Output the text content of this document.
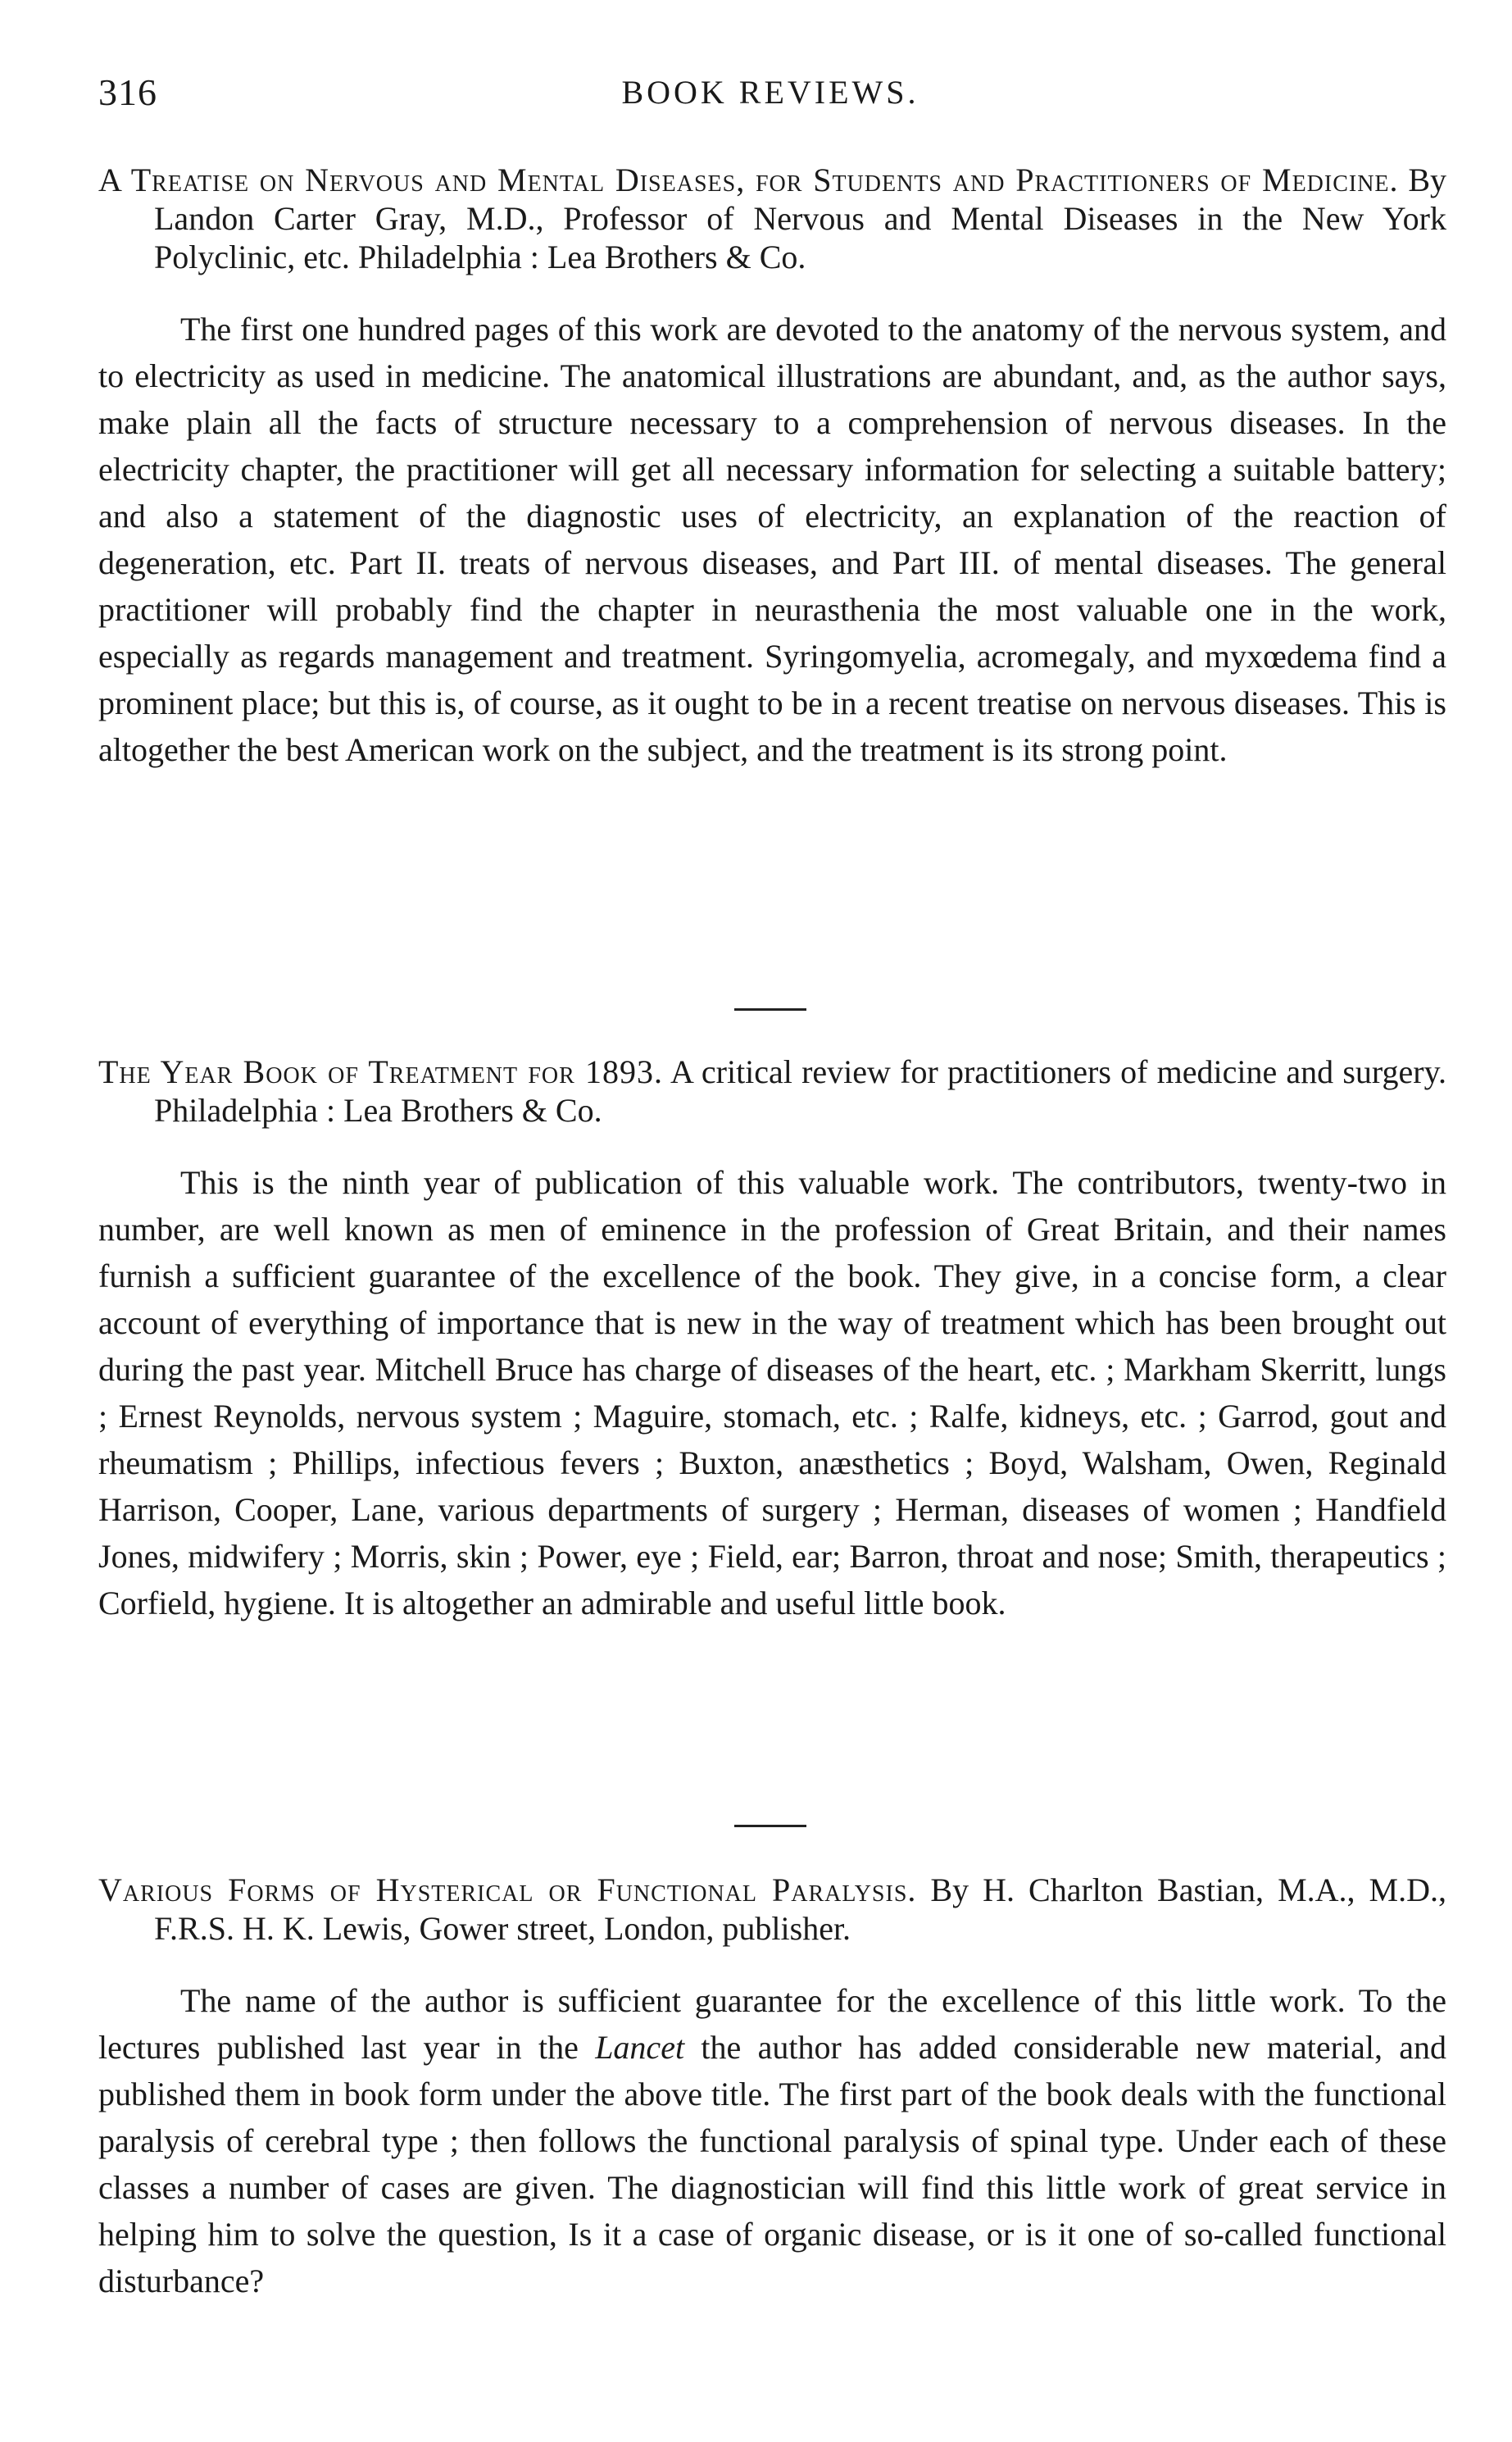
316	BOOK REVIEWS.

A Treatise on Nervous and Mental Diseases, for Students and Practitioners of Medicine. By Landon Carter Gray, M.D., Professor of Nervous and Mental Diseases in the New York Polyclinic, etc. Philadelphia : Lea Brothers & Co.

The first one hundred pages of this work are devoted to the anatomy of the nervous system, and to electricity as used in medicine. The anatomical illustrations are abundant, and, as the author says, make plain all the facts of structure necessary to a comprehension of nervous diseases. In the electricity chapter, the practitioner will get all necessary information for selecting a suitable battery; and also a statement of the diagnostic uses of electricity, an explanation of the reaction of degeneration, etc. Part II. treats of nervous diseases, and Part III. of mental diseases. The general practitioner will probably find the chapter in neurasthenia the most valuable one in the work, especially as regards management and treatment. Syringomyelia, acromegaly, and myxœdema find a prominent place; but this is, of course, as it ought to be in a recent treatise on nervous diseases. This is altogether the best American work on the subject, and the treatment is its strong point.

The Year Book of Treatment for 1893. A critical review for practitioners of medicine and surgery. Philadelphia : Lea Brothers & Co.

This is the ninth year of publication of this valuable work. The contributors, twenty-two in number, are well known as men of eminence in the profession of Great Britain, and their names furnish a sufficient guarantee of the excellence of the book. They give, in a concise form, a clear account of everything of importance that is new in the way of treatment which has been brought out during the past year. Mitchell Bruce has charge of diseases of the heart, etc. ; Markham Skerritt, lungs ; Ernest Reynolds, nervous system ; Maguire, stomach, etc. ; Ralfe, kidneys, etc. ; Garrod, gout and rheumatism ; Phillips, infectious fevers ; Buxton, anæsthetics ; Boyd, Walsham, Owen, Reginald Harrison, Cooper, Lane, various departments of surgery ; Herman, diseases of women ; Handfield Jones, midwifery ; Morris, skin ; Power, eye ; Field, ear; Barron, throat and nose; Smith, therapeutics ; Corfield, hygiene. It is altogether an admirable and useful little book.

Various Forms of Hysterical or Functional Paralysis. By H. Charlton Bastian, M.A., M.D., F.R.S. H. K. Lewis, Gower street, London, publisher.

The name of the author is sufficient guarantee for the excellence of this little work. To the lectures published last year in the Lancet the author has added considerable new material, and published them in book form under the above title. The first part of the book deals with the functional paralysis of cerebral type ; then follows the functional paralysis of spinal type. Under each of these classes a number of cases are given. The diagnostician will find this little work of great service in helping him to solve the question, Is it a case of organic disease, or is it one of so-called functional disturbance?
